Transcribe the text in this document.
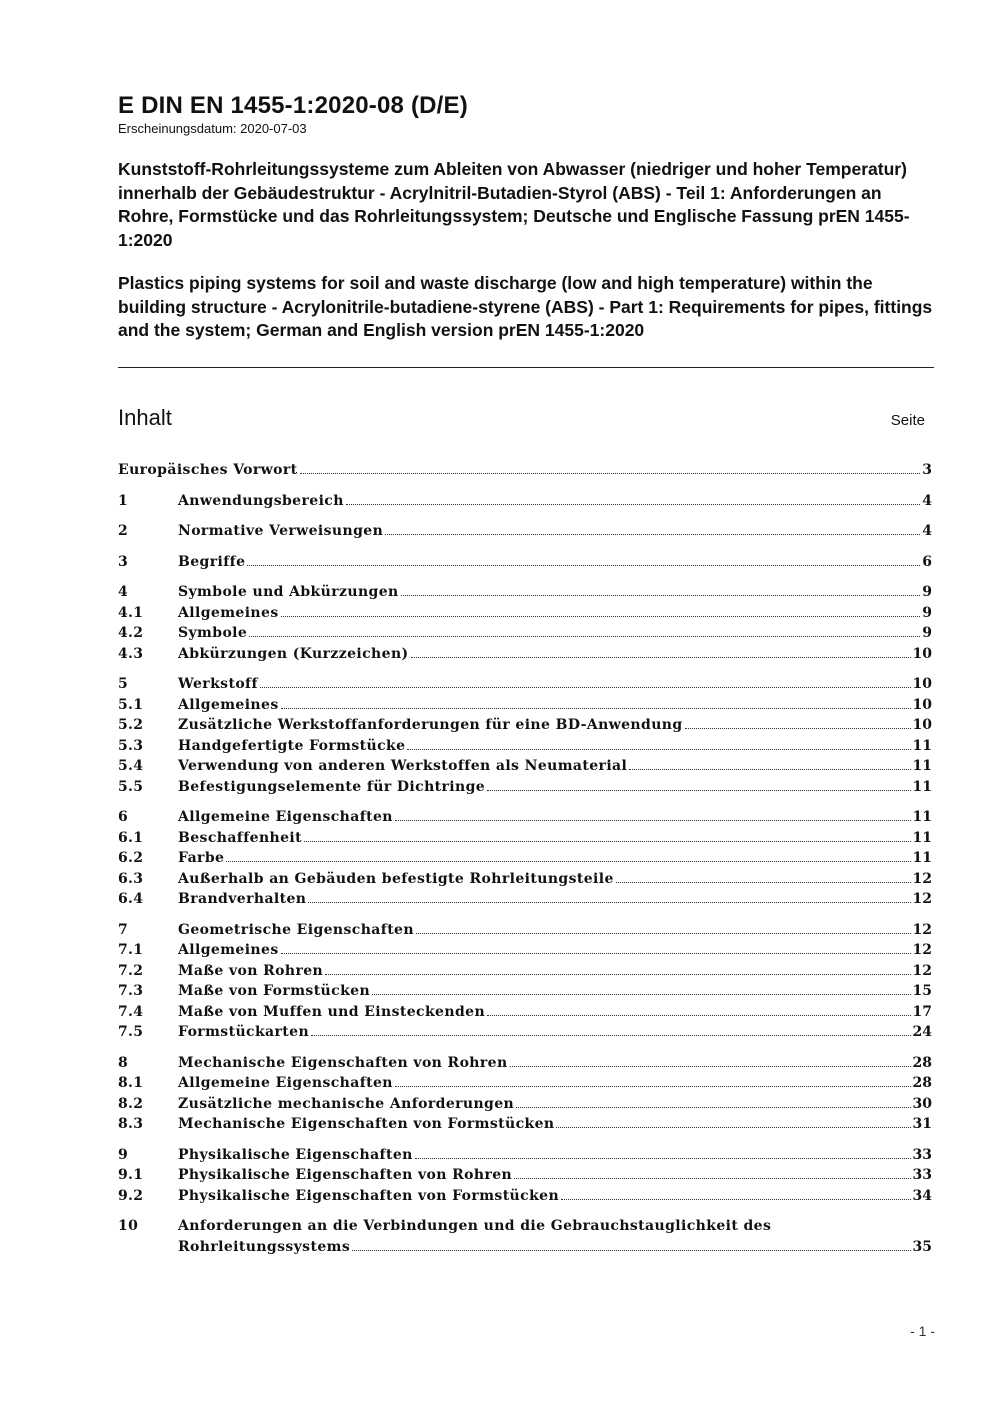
E DIN EN 1455-1:2020-08 (D/E)
Erscheinungsdatum: 2020-07-03
Kunststoff-Rohrleitungssysteme zum Ableiten von Abwasser (niedriger und hoher Temperatur) innerhalb der Gebäudestruktur - Acrylnitril-Butadien-Styrol (ABS) - Teil 1: Anforderungen an Rohre, Formstücke und das Rohrleitungssystem; Deutsche und Englische Fassung prEN 1455-1:2020
Plastics piping systems for soil and waste discharge (low and high temperature) within the building structure - Acrylonitrile-butadiene-styrene (ABS) - Part 1: Requirements for pipes, fittings and the system; German and English version prEN 1455-1:2020
Inhalt	Seite
Europäisches Vorwort	3
1	Anwendungsbereich	4
2	Normative Verweisungen	4
3	Begriffe	6
4	Symbole und Abkürzungen	9
4.1 Allgemeines	9
4.2 Symbole	9
4.3 Abkürzungen (Kurzzeichen)	10
5	Werkstoff	10
5.1 Allgemeines	10
5.2 Zusätzliche Werkstoffanforderungen für eine BD-Anwendung	10
5.3 Handgefertigte Formstücke	11
5.4 Verwendung von anderen Werkstoffen als Neumaterial	11
5.5 Befestigungselemente für Dichtringe	11
6	Allgemeine Eigenschaften	11
6.1 Beschaffenheit	11
6.2 Farbe	11
6.3 Außerhalb an Gebäuden befestigte Rohrleitungsteile	12
6.4 Brandverhalten	12
7	Geometrische Eigenschaften	12
7.1 Allgemeines	12
7.2 Maße von Rohren	12
7.3 Maße von Formstücken	15
7.4 Maße von Muffen und Einsteckenden	17
7.5 Formstückarten	24
8	Mechanische Eigenschaften von Rohren	28
8.1 Allgemeine Eigenschaften	28
8.2 Zusätzliche mechanische Anforderungen	30
8.3 Mechanische Eigenschaften von Formstücken	31
9	Physikalische Eigenschaften	33
9.1 Physikalische Eigenschaften von Rohren	33
9.2 Physikalische Eigenschaften von Formstücken	34
10	Anforderungen an die Verbindungen und die Gebrauchstauglichkeit des
Rohrleitungssystems	35
- 1 -
